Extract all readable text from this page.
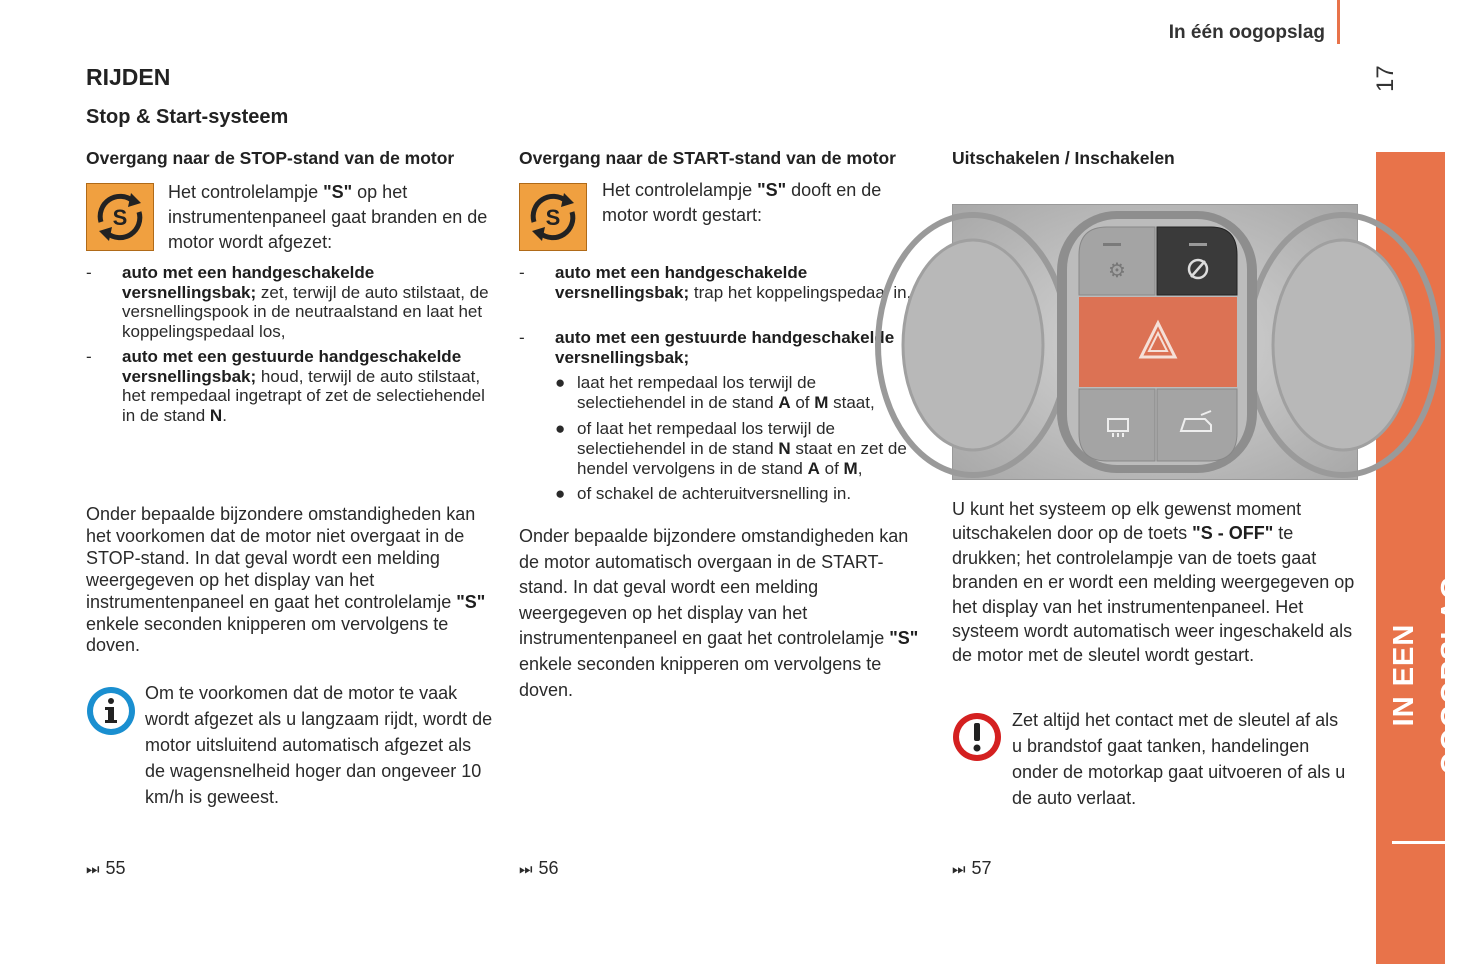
In één oogopslag
17
IN EEN OOGOPSLAG
RIJDEN
Stop & Start-systeem
Overgang naar de STOP-stand van de motor
S
Het controlelampje "S" op het instrumentenpaneel gaat branden en de motor wordt afgezet:
- auto met een handgeschakelde versnellingsbak; zet, terwijl de auto stilstaat, de versnellingspook in de neutraalstand en laat het koppelingspedaal los,
- auto met een gestuurde handgeschakelde versnellingsbak; houd, terwijl de auto stilstaat, het rempedaal ingetrapt of zet de selectiehendel in de stand N.
Onder bepaalde bijzondere omstandigheden kan het voorkomen dat de motor niet overgaat in de STOP-stand. In dat geval wordt een melding weergegeven op het display van het instrumentenpaneel en gaat het controlelamje "S" enkele seconden knipperen om vervolgens te doven.
Om te voorkomen dat de motor te vaak wordt afgezet als u langzaam rijdt, wordt de motor uitsluitend automatisch afgezet als de wagensnelheid hoger dan ongeveer 10 km/h is geweest.
⏭ 55
Overgang naar de START-stand van de motor
S
Het controlelampje "S" dooft en de motor wordt gestart:
- auto met een handgeschakelde versnellingsbak; trap het koppelingspedaal in,
- auto met een gestuurde handgeschakelde versnellingsbak;
● laat het rempedaal los terwijl de selectiehendel in de stand A of M staat,
● of laat het rempedaal los terwijl de selectiehendel in de stand N staat en zet de hendel vervolgens in de stand A of M,
● of schakel de achteruitversnelling in.
Onder bepaalde bijzondere omstandigheden kan de motor automatisch overgaan in de START-stand. In dat geval wordt een melding weergegeven op het display van het instrumentenpaneel en gaat het controlelamje "S" enkele seconden knipperen om vervolgens te doven.
⏭ 56
Uitschakelen / Inschakelen
⚙
U kunt het systeem op elk gewenst moment uitschakelen door op de toets "S - OFF" te drukken; het controlelampje van de toets gaat branden en er wordt een melding weergegeven op het display van het instrumentenpaneel. Het systeem wordt automatisch weer ingeschakeld als de motor met de sleutel wordt gestart.
Zet altijd het contact met de sleutel af als u brandstof gaat tanken, handelingen onder de motorkap gaat uitvoeren of als u de auto verlaat.
⏭ 57
